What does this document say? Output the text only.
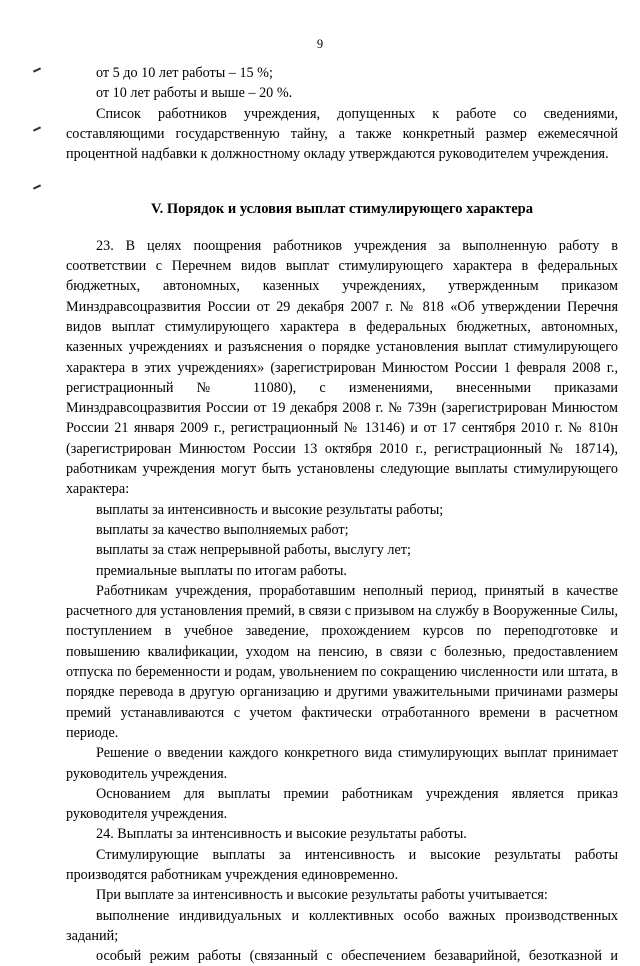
9

от 5 до 10 лет работы – 15 %;

от 10 лет работы и выше – 20 %.

Список работников учреждения, допущенных к работе со сведениями, составляющими государственную тайну, а также конкретный размер ежемесячной процентной надбавки к должностному окладу утверждаются руководителем учреждения.

V. Порядок и условия выплат стимулирующего характера

23. В целях поощрения работников учреждения за выполненную работу в соответствии с Перечнем видов выплат стимулирующего характера в федеральных бюджетных, автономных, казенных учреждениях, утвержденным приказом Минздравсоцразвития России от 29 декабря 2007 г. № 818 «Об утверждении Перечня видов выплат стимулирующего характера в федеральных бюджетных, автономных, казенных учреждениях и разъяснения о порядке установления выплат стимулирующего характера в этих учреждениях» (зарегистрирован Минюстом России 1 февраля 2008 г., регистрационный № 11080), с изменениями, внесенными приказами Минздравсоцразвития России от 19 декабря 2008 г. № 739н (зарегистрирован Минюстом России 21 января 2009 г., регистрационный № 13146) и от 17 сентября 2010 г. № 810н (зарегистрирован Минюстом России 13 октября 2010 г., регистрационный № 18714), работникам учреждения могут быть установлены следующие выплаты стимулирующего характера:

выплаты за интенсивность и высокие результаты работы;

выплаты за качество выполняемых работ;

выплаты за стаж непрерывной работы, выслугу лет;

премиальные выплаты по итогам работы.

Работникам учреждения, проработавшим неполный период, принятый в качестве расчетного для установления премий, в связи с призывом на службу в Вооруженные Силы, поступлением в учебное заведение, прохождением курсов по переподготовке и повышению квалификации, уходом на пенсию, в связи с болезнью, предоставлением отпуска по беременности и родам, увольнением по сокращению численности или штата, в порядке перевода в другую организацию и другими уважительными причинами размеры премий устанавливаются с учетом фактически отработанного времени в расчетном периоде.

Решение о введении каждого конкретного вида стимулирующих выплат принимает руководитель учреждения.

Основанием для выплаты премии работникам учреждения является приказ руководителя учреждения.

24. Выплаты за интенсивность и высокие результаты работы.

Стимулирующие выплаты за интенсивность и высокие результаты работы производятся работникам учреждения единовременно.

При выплате за интенсивность и высокие результаты работы учитывается:

выполнение индивидуальных и коллективных особо важных производственных заданий;

особый режим работы (связанный с обеспечением безаварийной, безотказной и
